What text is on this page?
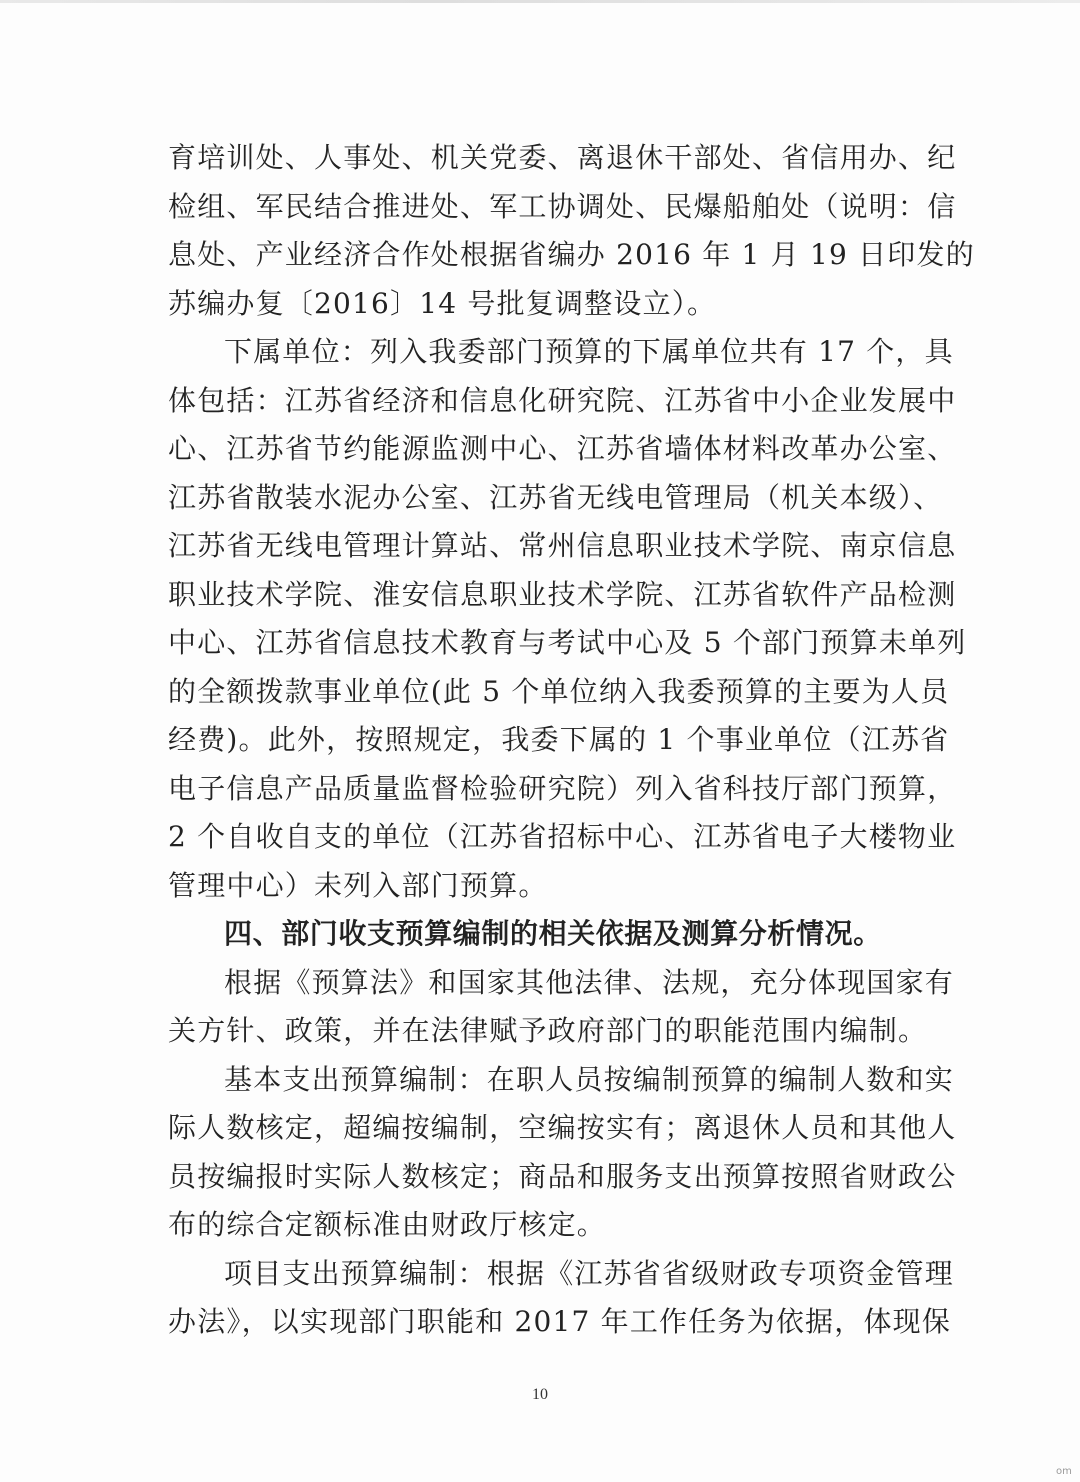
育培训处、人事处、机关党委、离退休干部处、省信用办、纪
检组、军民结合推进处、军工协调处、民爆船舶处（说明：信
息处、产业经济合作处根据省编办 2016 年 1 月 19 日印发的
苏编办复〔2016〕14 号批复调整设立）。
下属单位：列入我委部门预算的下属单位共有 17 个，具
体包括：江苏省经济和信息化研究院、江苏省中小企业发展中
心、江苏省节约能源监测中心、江苏省墙体材料改革办公室、
江苏省散装水泥办公室、江苏省无线电管理局（机关本级）、
江苏省无线电管理计算站、常州信息职业技术学院、南京信息
职业技术学院、淮安信息职业技术学院、江苏省软件产品检测
中心、江苏省信息技术教育与考试中心及 5 个部门预算未单列
的全额拨款事业单位(此 5 个单位纳入我委预算的主要为人员
经费)。此外，按照规定，我委下属的 1 个事业单位（江苏省
电子信息产品质量监督检验研究院）列入省科技厅部门预算，
2 个自收自支的单位（江苏省招标中心、江苏省电子大楼物业
管理中心）未列入部门预算。
四、部门收支预算编制的相关依据及测算分析情况。
根据《预算法》和国家其他法律、法规，充分体现国家有
关方针、政策，并在法律赋予政府部门的职能范围内编制。
基本支出预算编制：在职人员按编制预算的编制人数和实
际人数核定，超编按编制，空编按实有；离退休人员和其他人
员按编报时实际人数核定；商品和服务支出预算按照省财政公
布的综合定额标准由财政厅核定。
项目支出预算编制：根据《江苏省省级财政专项资金管理
办法》，以实现部门职能和 2017 年工作任务为依据，体现保
10
om
